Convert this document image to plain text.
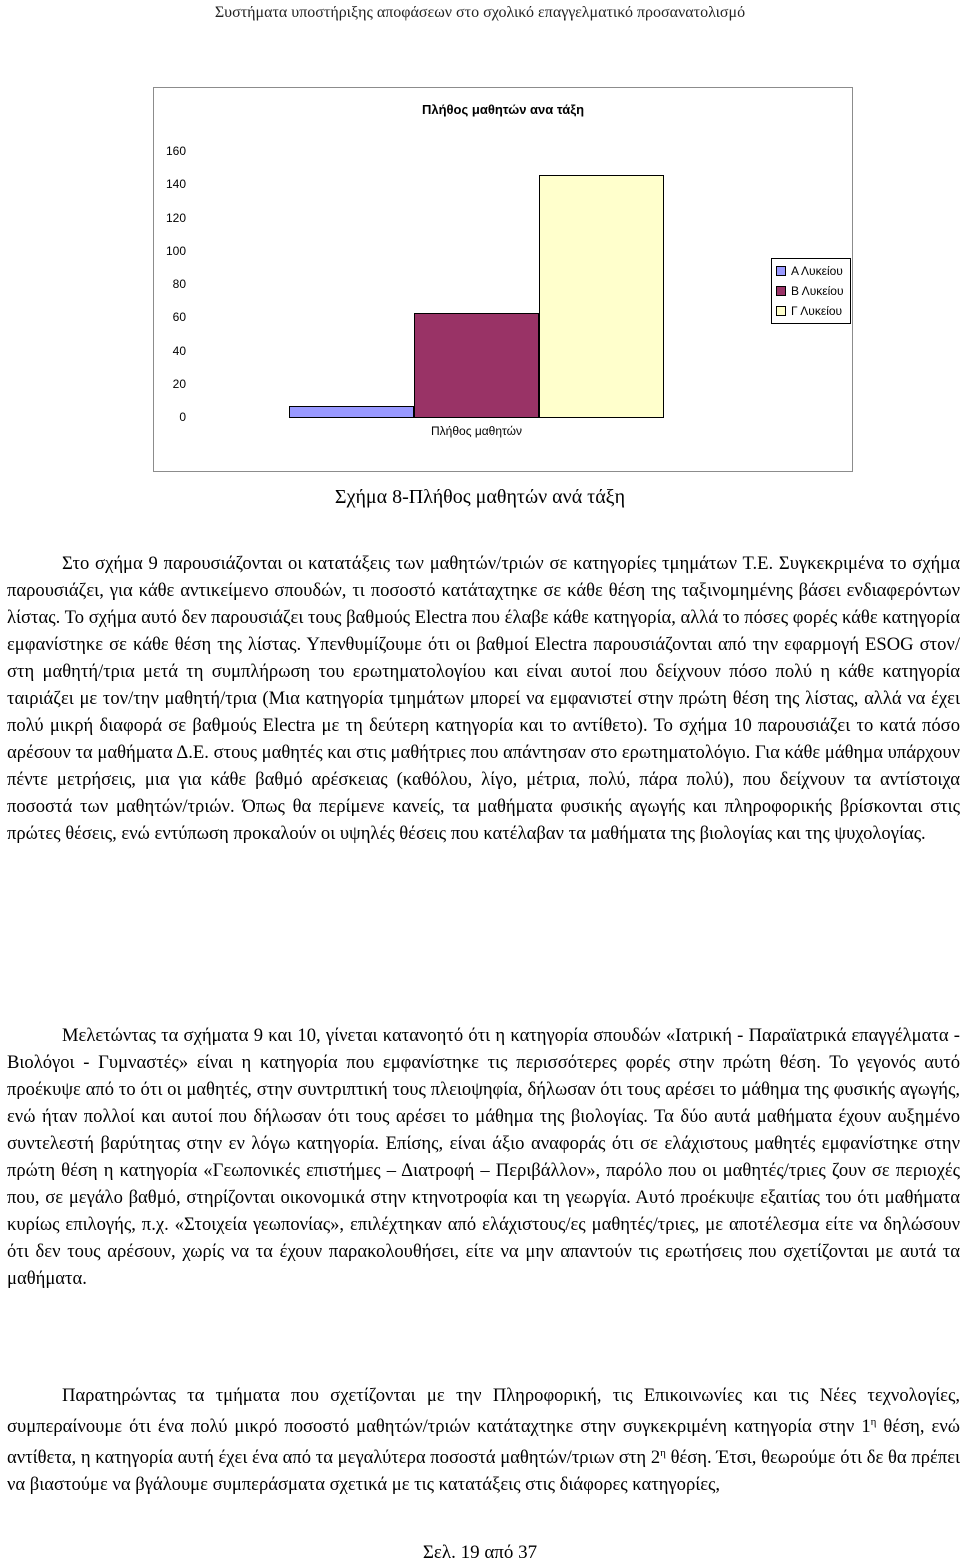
Συστήματα υποστήριξης αποφάσεων στο σχολικό επαγγελματικό προσανατολισμό
Πλήθος μαθητών ανα τάξη
160
140
120
100
80
60
40
20
0
Πλήθος μαθητών
Α Λυκείου
Β Λυκείου
Γ Λυκείου
Σχήμα 8-Πλήθος μαθητών ανά τάξη

Στο σχήμα 9 παρουσιάζονται οι κατατάξεις των μαθητών/τριών σε κατηγορίες τμημάτων Τ.Ε. Συγκεκριμένα το σχήμα παρουσιάζει, για κάθε αντικείμενο σπουδών, τι ποσοστό κατάταχτηκε σε κάθε θέση της ταξινομημένης βάσει ενδιαφερόντων λίστας. Το σχήμα αυτό δεν παρουσιάζει τους βαθμούς Electra που έλαβε κάθε κατηγορία, αλλά το πόσες φορές κάθε κατηγορία εμφανίστηκε σε κάθε θέση της λίστας. Υπενθυμίζουμε ότι οι βαθμοί Electra παρουσιάζονται από την εφαρμογή ESOG στον/στη μαθητή/τρια μετά τη συμπλήρωση του ερωτηματολογίου και είναι αυτοί που δείχνουν πόσο πολύ η κάθε κατηγορία ταιριάζει με τον/την μαθητή/τρια (Μια κατηγορία τμημάτων μπορεί να εμφανιστεί στην πρώτη θέση της λίστας, αλλά να έχει πολύ μικρή διαφορά σε βαθμούς Electra με τη δεύτερη κατηγορία και το αντίθετο). Το σχήμα 10 παρουσιάζει το κατά πόσο αρέσουν τα μαθήματα Δ.Ε. στους μαθητές και στις μαθήτριες που απάντησαν στο ερωτηματολόγιο. Για κάθε μάθημα υπάρχουν πέντε μετρήσεις, μια για κάθε βαθμό αρέσκειας (καθόλου, λίγο, μέτρια, πολύ, πάρα πολύ), που δείχνουν τα αντίστοιχα ποσοστά των μαθητών/τριών. Όπως θα περίμενε κανείς, τα μαθήματα φυσικής αγωγής και πληροφορικής βρίσκονται στις πρώτες θέσεις, ενώ εντύπωση προκαλούν οι υψηλές θέσεις που κατέλαβαν τα μαθήματα της βιολογίας και της ψυχολογίας.

Μελετώντας τα σχήματα 9 και 10, γίνεται κατανοητό ότι η κατηγορία σπουδών «Ιατρική - Παραϊατρικά επαγγέλματα - Βιολόγοι - Γυμναστές» είναι η κατηγορία που εμφανίστηκε τις περισσότερες φορές στην πρώτη θέση. Το γεγονός αυτό προέκυψε από το ότι οι μαθητές, στην συντριπτική τους πλειοψηφία, δήλωσαν ότι τους αρέσει το μάθημα της φυσικής αγωγής, ενώ ήταν πολλοί και αυτοί που δήλωσαν ότι τους αρέσει το μάθημα της βιολογίας. Τα δύο αυτά μαθήματα έχουν αυξημένο συντελεστή βαρύτητας στην εν λόγω κατηγορία. Επίσης, είναι άξιο αναφοράς ότι σε ελάχιστους μαθητές εμφανίστηκε στην πρώτη θέση η κατηγορία «Γεωπονικές επιστήμες – Διατροφή – Περιβάλλον», παρόλο που οι μαθητές/τριες ζουν σε περιοχές που, σε μεγάλο βαθμό, στηρίζονται οικονομικά στην κτηνοτροφία και τη γεωργία. Αυτό προέκυψε εξαιτίας του ότι μαθήματα κυρίως επιλογής, π.χ. «Στοιχεία γεωπονίας», επιλέχτηκαν από ελάχιστους/ες μαθητές/τριες, με αποτέλεσμα είτε να δηλώσουν ότι δεν τους αρέσουν, χωρίς να τα έχουν παρακολουθήσει, είτε να μην απαντούν τις ερωτήσεις που σχετίζονται με αυτά τα μαθήματα.

Παρατηρώντας τα τμήματα που σχετίζονται με την Πληροφορική, τις Επικοινωνίες και τις Νέες τεχνολογίες, συμπεραίνουμε ότι ένα πολύ μικρό ποσοστό μαθητών/τριών κατάταχτηκε στην συγκεκριμένη κατηγορία στην $1^\eta$ θέση, ενώ αντίθετα, η κατηγορία αυτή έχει ένα από τα μεγαλύτερα ποσοστά μαθητών/τριων στη $2^\eta$ θέση. Έτσι, θεωρούμε ότι δε θα πρέπει να βιαστούμε να βγάλουμε συμπεράσματα σχετικά με τις κατατάξεις στις διάφορες κατηγορίες,

Σελ. 19 από 37
